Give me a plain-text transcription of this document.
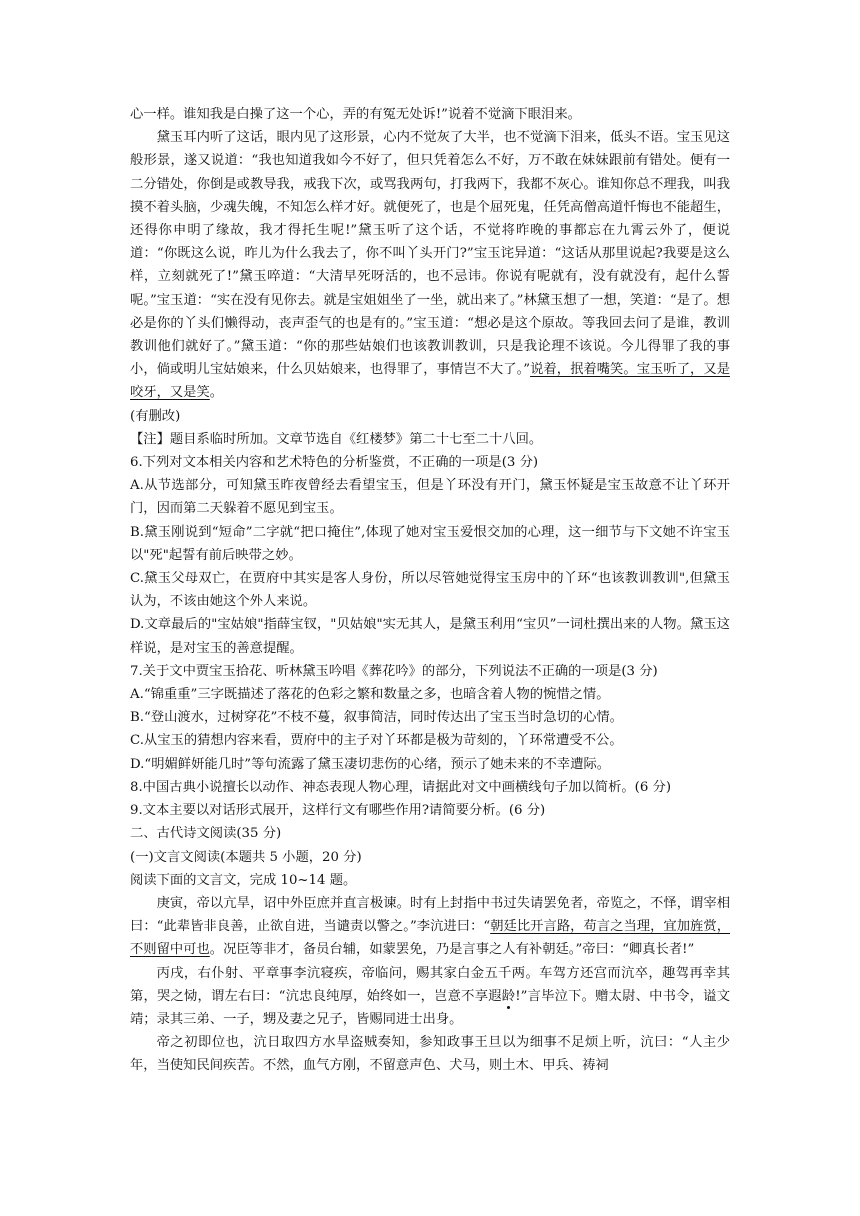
心一样。谁知我是白操了这一个心，弄的有冤无处诉!”说着不觉滴下眼泪来。

黛玉耳内听了这话，眼内见了这形景，心内不觉灰了大半，也不觉滴下泪来，低头不语。宝玉见这般形景，遂又说道：“我也知道我如今不好了，但只凭着怎么不好，万不敢在妹妹跟前有错处。便有一二分错处，你倒是或教导我，戒我下次，或骂我两句，打我两下，我都不灰心。谁知你总不理我，叫我摸不着头脑，少魂失魄，不知怎么样才好。就便死了，也是个屈死鬼，任凭高僧高道忏悔也不能超生，还得你申明了缘故，我才得托生呢!”黛玉听了这个话，不觉将昨晚的事都忘在九霄云外了，便说道：“你既这么说，昨儿为什么我去了，你不叫丫头开门?”宝玉诧异道：“这话从那里说起?我要是这么样，立刻就死了!”黛玉啐道：“大清早死呀活的，也不忌讳。你说有呢就有，没有就没有，起什么誓呢。”宝玉道：“实在没有见你去。就是宝姐姐坐了一坐，就出来了。”林黛玉想了一想，笑道：“是了。想必是你的丫头们懒得动，丧声歪气的也是有的。”宝玉道：“想必是这个原故。等我回去问了是谁，教训教训他们就好了。”黛玉道：“你的那些姑娘们也该教训教训，只是我论理不该说。今儿得罪了我的事小，倘或明儿宝姑娘来，什么贝姑娘来，也得罪了，事情岂不大了。”说着，抿着嘴笑。宝玉听了，又是咬牙，又是笑。

(有删改)

【注】题目系临时所加。文章节选自《红楼梦》第二十七至二十八回。

6.下列对文本相关内容和艺术特色的分析鉴赏，不正确的一项是(3 分)

A.从节选部分，可知黛玉昨夜曾经去看望宝玉，但是丫环没有开门，黛玉怀疑是宝玉故意不让丫环开门，因而第二天躲着不愿见到宝玉。

B.黛玉刚说到“短命”二字就“把口掩住”,体现了她对宝玉爱恨交加的心理，这一细节与下文她不许宝玉以"死"起誓有前后映带之妙。

C.黛玉父母双亡，在贾府中其实是客人身份，所以尽管她觉得宝玉房中的丫环“也该教训教训",但黛玉认为，不该由她这个外人来说。

D.文章最后的"宝姑娘"指薛宝钗，"贝姑娘"实无其人，是黛玉利用“宝贝”一词杜撰出来的人物。黛玉这样说，是对宝玉的善意提醒。

7.关于文中贾宝玉拾花、听林黛玉吟唱《葬花吟》的部分，下列说法不正确的一项是(3 分)

A.“锦重重”三字既描述了落花的色彩之繁和数量之多，也暗含着人物的惋惜之情。

B.“登山渡水，过树穿花”不枝不蔓，叙事简洁，同时传达出了宝玉当时急切的心情。

C.从宝玉的猜想内容来看，贾府中的主子对丫环都是极为苛刻的，丫环常遭受不公。

D.“明媚鲜妍能几时”等句流露了黛玉凄切悲伤的心绪，预示了她未来的不幸遭际。

8.中国古典小说擅长以动作、神态表现人物心理，请据此对文中画横线句子加以简析。(6 分)

9.文本主要以对话形式展开，这样行文有哪些作用?请简要分析。(6 分)

二、古代诗文阅读(35 分)

(一)文言文阅读(本题共 5 小题，20 分)

阅读下面的文言文，完成 10~14 题。

庚寅，帝以亢旱，诏中外臣庶并直言极谏。时有上封指中书过失请罢免者，帝览之，不怿，谓宰相曰：“此辈皆非良善，止欲自进，当谴责以警之。”李沆进曰：“朝廷比开言路，苟言之当理，宜加旌赏，不则留中可也。况臣等非才，备员台辅，如蒙罢免，乃是言事之人有补朝廷。”帝曰：“卿真长者!”

丙戌，右仆射、平章事李沆寝疾，帝临问，赐其家白金五千两。车驾方还宫而沆卒，趣驾再幸其第，哭之恸，谓左右曰：“沆忠良纯厚，始终如一，岂意不享遐龄!”言毕泣下。赠太尉、中书令，谥文靖；录其三弟、一子，甥及妻之兄子，皆赐同进士出身。

帝之初即位也，沆日取四方水旱盗贼奏知，参知政事王旦以为细事不足烦上听，沆曰：“人主少年，当使知民间疾苦。不然，血气方刚，不留意声色、犬马，则土木、甲兵、祷祠
